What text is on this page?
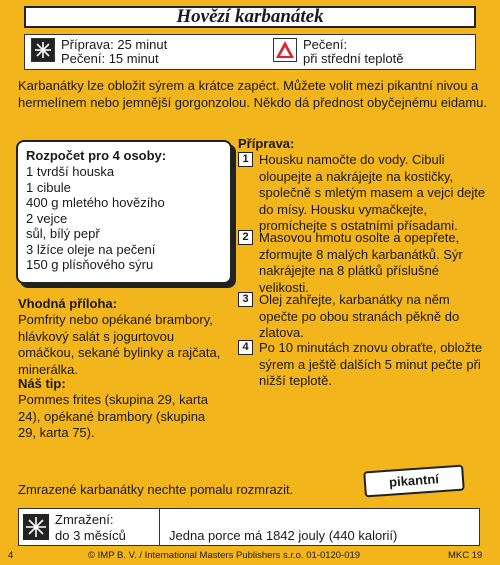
Hovězí karbanátek
Příprava: 25 minut
Pečení: 15 minut
Pečení:
při střední teplotě
Karbanátky lze obložit sýrem a krátce zapéct. Můžete volit mezi pikantní nivou a hermelínem nebo jemnější gorgonzolou. Někdo dá přednost obyčejnému eidamu.
Rozpočet pro 4 osoby:
1 tvrdší houska
1 cibule
400 g mletého hovězího
2 vejce
sůl, bílý pepř
3 lžíce oleje na pečení
150 g plísňového sýru
Vhodná příloha:
Pomfrity nebo opékané brambory, hlávkový salát s jogurtovou omáčkou, sekané bylinky a rajčata, minerálka.
Náš tip:
Pommes frites (skupina 29, karta 24), opékané brambory (skupina 29, karta 75).
Příprava:
1 Housku namočte do vody. Cibuli oloupejte a nakrájejte na kostičky, společně s mletým masem a vejci dejte do mísy. Housku vymačkejte, promíchejte s ostatními přísadami.
2 Masovou hmotu osolte a opepřete, zformujte 8 malých karbanátků. Sýr nakrájejte na 8 plátků příslušné velikosti.
3 Olej zahřejte, karbanátky na něm opečte po obou stranách pěkně do zlatova.
4 Po 10 minutách znovu obraťte, obložte sýrem a ještě dalších 5 minut pečte při nižší teplotě.
Zmrazené karbanátky nechte pomalu rozmrazit.	pikantní
Zmražení:
do 3 měsíců	Jedna porce má 1842 jouly (440 kalorií)
4	© IMP B. V. / International Masters Publishers s.r.o. 01-0120-019	MKC 19
